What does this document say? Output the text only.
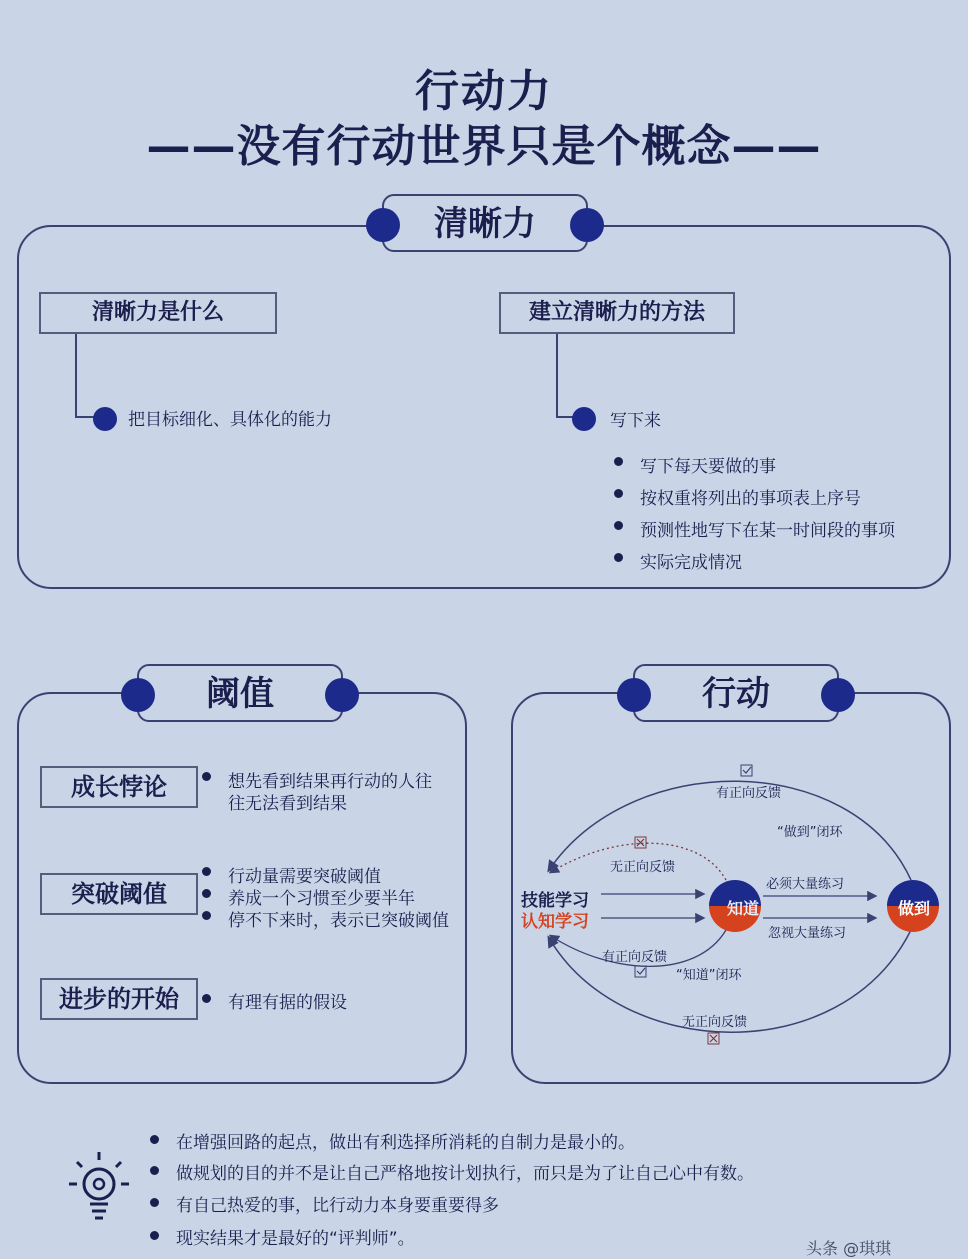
行动力
——没有行动世界只是个概念——
清晰力
清晰力是什么
把目标细化、具体化的能力
建立清晰力的方法
写下来
写下每天要做的事
按权重将列出的事项表上序号
预测性地写下在某一时间段的事项
实际完成情况
阈值
成长悖论	想先看到结果再行动的人往
往无法看到结果
突破阈值
行动量需要突破阈值
养成一个习惯至少要半年
停不下来时，表示已突破阈值
进步的开始	有理有据的假设
行动
有正向反馈
“做到”闭环
无正向反馈
必须大量练习
忽视大量练习
有正向反馈
“知道”闭环
无正向反馈
技能学习
认知学习
知道	做到
在增强回路的起点，做出有利选择所消耗的自制力是最小的。
做规划的目的并不是让自己严格地按计划执行，而只是为了让自己心中有数。
有自己热爱的事，比行动力本身要重要得多
现实结果才是最好的“评判师”。	头条 @琪琪
